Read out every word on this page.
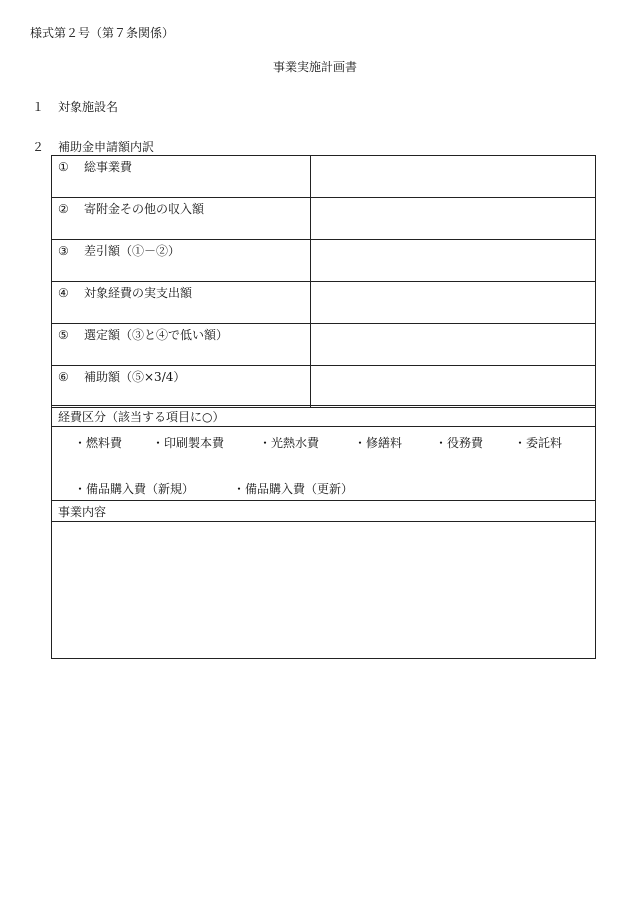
様式第２号（第７条関係）
事業実施計画書
１ 対象施設名
２ 補助金申請額内訳
① 総事業費	
② 寄附金その他の収入額	
③ 差引額（①－②）	
④ 対象経費の実支出額	
⑤ 選定額（③と④で低い額）	
⑥ 補助額（⑤×3/4）	
経費区分（該当する項目に○）
・燃料費 ・印刷製本費	・光熱水費	・修繕料	・役務費	・委託料
・備品購入費（新規）	・備品購入費（更新）
事業内容
